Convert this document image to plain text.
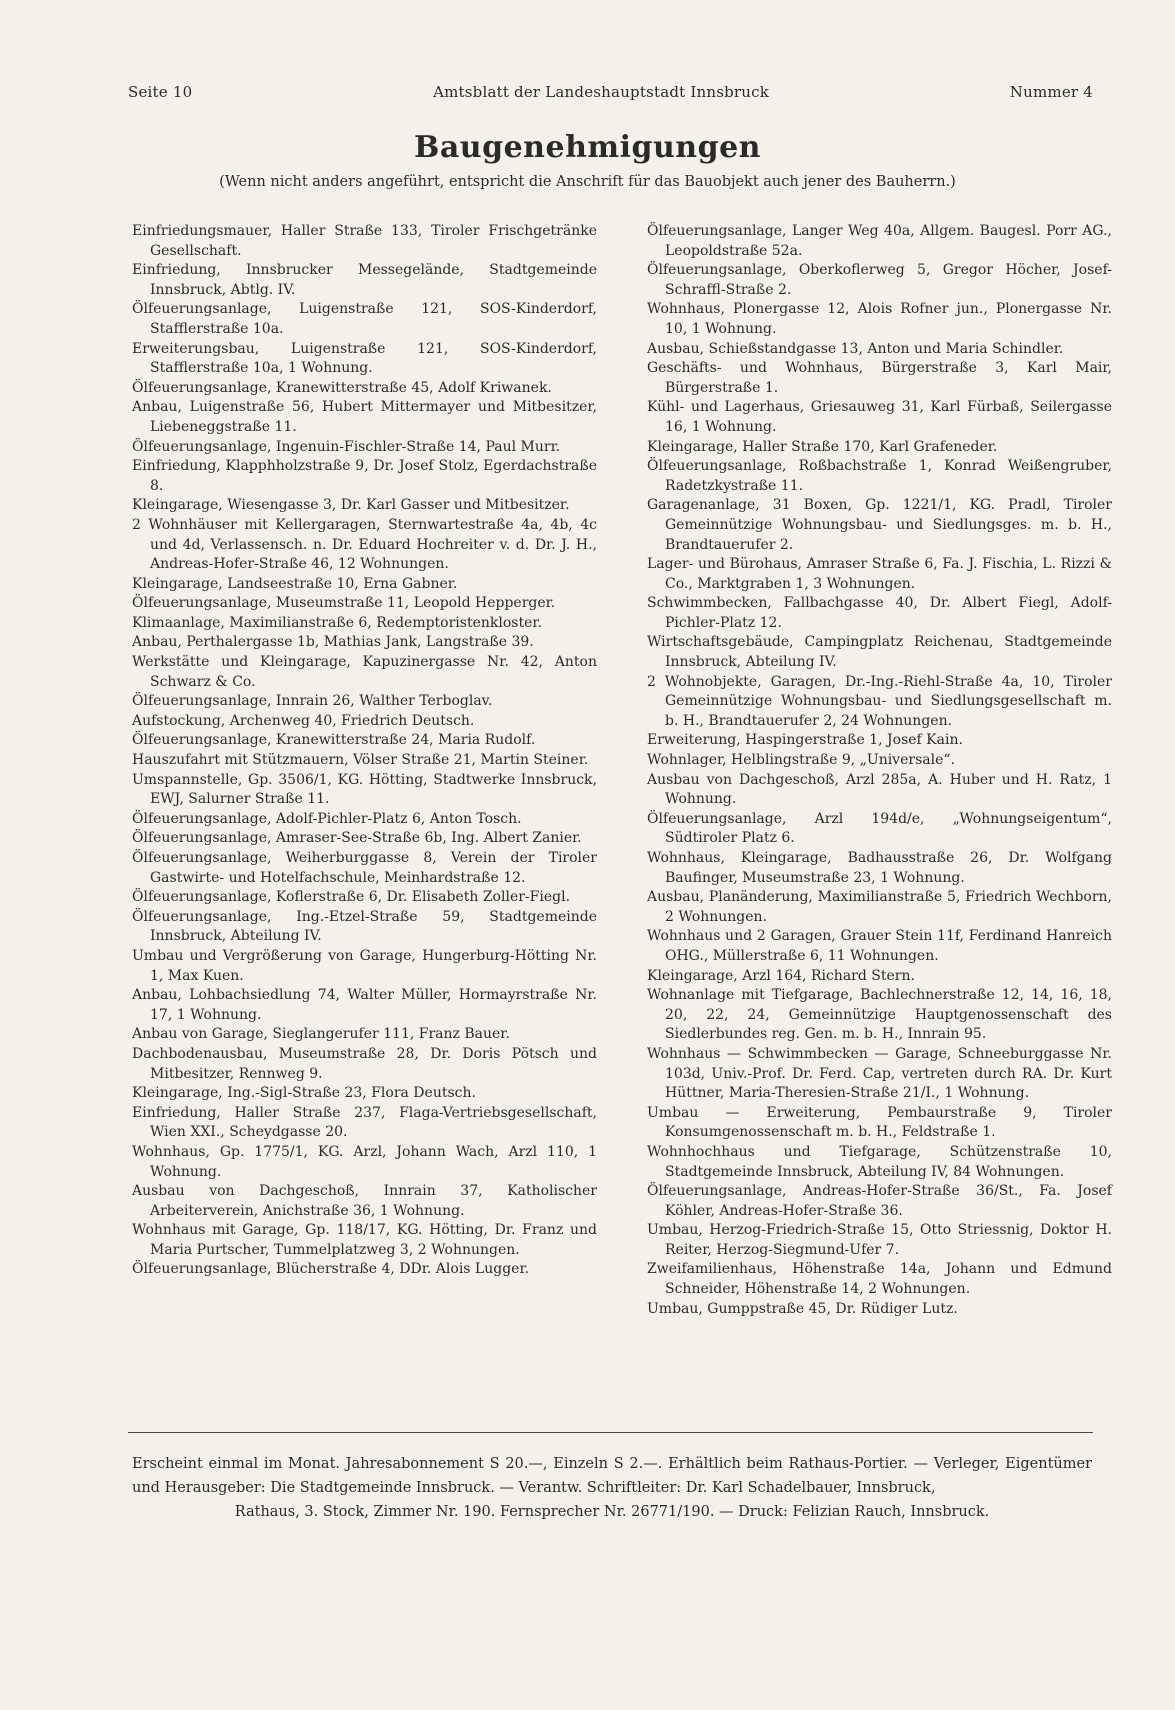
Seite 10	Amtsblatt der Landeshauptstadt Innsbruck	Nummer 4
Baugenehmigungen
(Wenn nicht anders angeführt, entspricht die Anschrift für das Bauobjekt auch jener des Bauherrn.)

Einfriedungsmauer, Haller Straße 133, Tiroler Frischgetränke Gesellschaft.

Einfriedung, Innsbrucker Messegelände, Stadtgemeinde Innsbruck, Abtlg. IV.

Ölfeuerungsanlage, Luigenstraße 121, SOS-Kinderdorf, Stafflerstraße 10a.

Erweiterungsbau, Luigenstraße 121, SOS-Kinderdorf, Stafflerstraße 10a, 1 Wohnung.

Ölfeuerungsanlage, Kranewitterstraße 45, Adolf Kriwanek.

Anbau, Luigenstraße 56, Hubert Mittermayer und Mitbesitzer, Liebeneggstraße 11.

Ölfeuerungsanlage, Ingenuin-Fischler-Straße 14, Paul Murr.

Einfriedung, Klapphholzstraße 9, Dr. Josef Stolz, Egerdachstraße 8.

Kleingarage, Wiesengasse 3, Dr. Karl Gasser und Mitbesitzer.

2 Wohnhäuser mit Kellergaragen, Sternwartestraße 4a, 4b, 4c und 4d, Verlassensch. n. Dr. Eduard Hochreiter v. d. Dr. J. H., Andreas-Hofer-Straße 46, 12 Wohnungen.

Kleingarage, Landseestraße 10, Erna Gabner.

Ölfeuerungsanlage, Museumstraße 11, Leopold Hepperger.

Klimaanlage, Maximilianstraße 6, Redemptoristenkloster.

Anbau, Perthalergasse 1b, Mathias Jank, Langstraße 39.

Werkstätte und Kleingarage, Kapuzinergasse Nr. 42, Anton Schwarz & Co.

Ölfeuerungsanlage, Innrain 26, Walther Terboglav.

Aufstockung, Archenweg 40, Friedrich Deutsch.

Ölfeuerungsanlage, Kranewitterstraße 24, Maria Rudolf.

Hauszufahrt mit Stützmauern, Völser Straße 21, Martin Steiner.

Umspannstelle, Gp. 3506/1, KG. Hötting, Stadtwerke Innsbruck, EWJ, Salurner Straße 11.

Ölfeuerungsanlage, Adolf-Pichler-Platz 6, Anton Tosch.

Ölfeuerungsanlage, Amraser-See-Straße 6b, Ing. Albert Zanier.

Ölfeuerungsanlage, Weiherburggasse 8, Verein der Tiroler Gastwirte- und Hotelfachschule, Meinhardstraße 12.

Ölfeuerungsanlage, Koflerstraße 6, Dr. Elisabeth Zoller-Fiegl.

Ölfeuerungsanlage, Ing.-Etzel-Straße 59, Stadtgemeinde Innsbruck, Abteilung IV.

Umbau und Vergrößerung von Garage, Hungerburg-Hötting Nr. 1, Max Kuen.

Anbau, Lohbachsiedlung 74, Walter Müller, Hormayrstraße Nr. 17, 1 Wohnung.

Anbau von Garage, Sieglangerufer 111, Franz Bauer.

Dachbodenausbau, Museumstraße 28, Dr. Doris Pötsch und Mitbesitzer, Rennweg 9.

Kleingarage, Ing.-Sigl-Straße 23, Flora Deutsch.

Einfriedung, Haller Straße 237, Flaga-Vertriebsgesellschaft, Wien XXI., Scheydgasse 20.

Wohnhaus, Gp. 1775/1, KG. Arzl, Johann Wach, Arzl 110, 1 Wohnung.

Ausbau von Dachgeschoß, Innrain 37, Katholischer Arbeiterverein, Anichstraße 36, 1 Wohnung.

Wohnhaus mit Garage, Gp. 118/17, KG. Hötting, Dr. Franz und Maria Purtscher, Tummelplatzweg 3, 2 Wohnungen.

Ölfeuerungsanlage, Blücherstraße 4, DDr. Alois Lugger.

Ölfeuerungsanlage, Langer Weg 40a, Allgem. Baugesl. Porr AG., Leopoldstraße 52a.

Ölfeuerungsanlage, Oberkoflerweg 5, Gregor Höcher, Josef-Schraffl-Straße 2.

Wohnhaus, Plonergasse 12, Alois Rofner jun., Plonergasse Nr. 10, 1 Wohnung.

Ausbau, Schießstandgasse 13, Anton und Maria Schindler.

Geschäfts- und Wohnhaus, Bürgerstraße 3, Karl Mair, Bürgerstraße 1.

Kühl- und Lagerhaus, Griesauweg 31, Karl Fürbaß, Seilergasse 16, 1 Wohnung.

Kleingarage, Haller Straße 170, Karl Grafeneder.

Ölfeuerungsanlage, Roßbachstraße 1, Konrad Weißengruber, Radetzkystraße 11.

Garagenanlage, 31 Boxen, Gp. 1221/1, KG. Pradl, Tiroler Gemeinnützige Wohnungsbau- und Siedlungsges. m. b. H., Brandtauerufer 2.

Lager- und Bürohaus, Amraser Straße 6, Fa. J. Fischia, L. Rizzi & Co., Marktgraben 1, 3 Wohnungen.

Schwimmbecken, Fallbachgasse 40, Dr. Albert Fiegl, Adolf-Pichler-Platz 12.

Wirtschaftsgebäude, Campingplatz Reichenau, Stadtgemeinde Innsbruck, Abteilung IV.

2 Wohnobjekte, Garagen, Dr.-Ing.-Riehl-Straße 4a, 10, Tiroler Gemeinnützige Wohnungsbau- und Siedlungsgesellschaft m. b. H., Brandtauerufer 2, 24 Wohnungen.

Erweiterung, Haspingerstraße 1, Josef Kain.

Wohnlager, Helblingstraße 9, „Universale“.

Ausbau von Dachgeschoß, Arzl 285a, A. Huber und H. Ratz, 1 Wohnung.

Ölfeuerungsanlage, Arzl 194d/e, „Wohnungseigentum“, Südtiroler Platz 6.

Wohnhaus, Kleingarage, Badhausstraße 26, Dr. Wolfgang Baufinger, Museumstraße 23, 1 Wohnung.

Ausbau, Planänderung, Maximilianstraße 5, Friedrich Wechborn, 2 Wohnungen.

Wohnhaus und 2 Garagen, Grauer Stein 11f, Ferdinand Hanreich OHG., Müllerstraße 6, 11 Wohnungen.

Kleingarage, Arzl 164, Richard Stern.

Wohnanlage mit Tiefgarage, Bachlechnerstraße 12, 14, 16, 18, 20, 22, 24, Gemeinnützige Hauptgenossenschaft des Siedlerbundes reg. Gen. m. b. H., Innrain 95.

Wohnhaus — Schwimmbecken — Garage, Schneeburggasse Nr. 103d, Univ.-Prof. Dr. Ferd. Cap, vertreten durch RA. Dr. Kurt Hüttner, Maria-Theresien-Straße 21/I., 1 Wohnung.

Umbau — Erweiterung, Pembaurstraße 9, Tiroler Konsumgenossenschaft m. b. H., Feldstraße 1.

Wohnhochhaus und Tiefgarage, Schützenstraße 10, Stadtgemeinde Innsbruck, Abteilung IV, 84 Wohnungen.

Ölfeuerungsanlage, Andreas-Hofer-Straße 36/St., Fa. Josef Köhler, Andreas-Hofer-Straße 36.

Umbau, Herzog-Friedrich-Straße 15, Otto Striessnig, Doktor H. Reiter, Herzog-Siegmund-Ufer 7.

Zweifamilienhaus, Höhenstraße 14a, Johann und Edmund Schneider, Höhenstraße 14, 2 Wohnungen.

Umbau, Gumppstraße 45, Dr. Rüdiger Lutz.

Erscheint einmal im Monat. Jahresabonnement S 20.—, Einzeln S 2.—. Erhältlich beim Rathaus-Portier. — Verleger, Eigentümer und Herausgeber: Die Stadtgemeinde Innsbruck. — Verantw. Schriftleiter: Dr. Karl Schadelbauer, Innsbruck,
Rathaus, 3. Stock, Zimmer Nr. 190. Fernsprecher Nr. 26771/190. — Druck: Felizian Rauch, Innsbruck.
